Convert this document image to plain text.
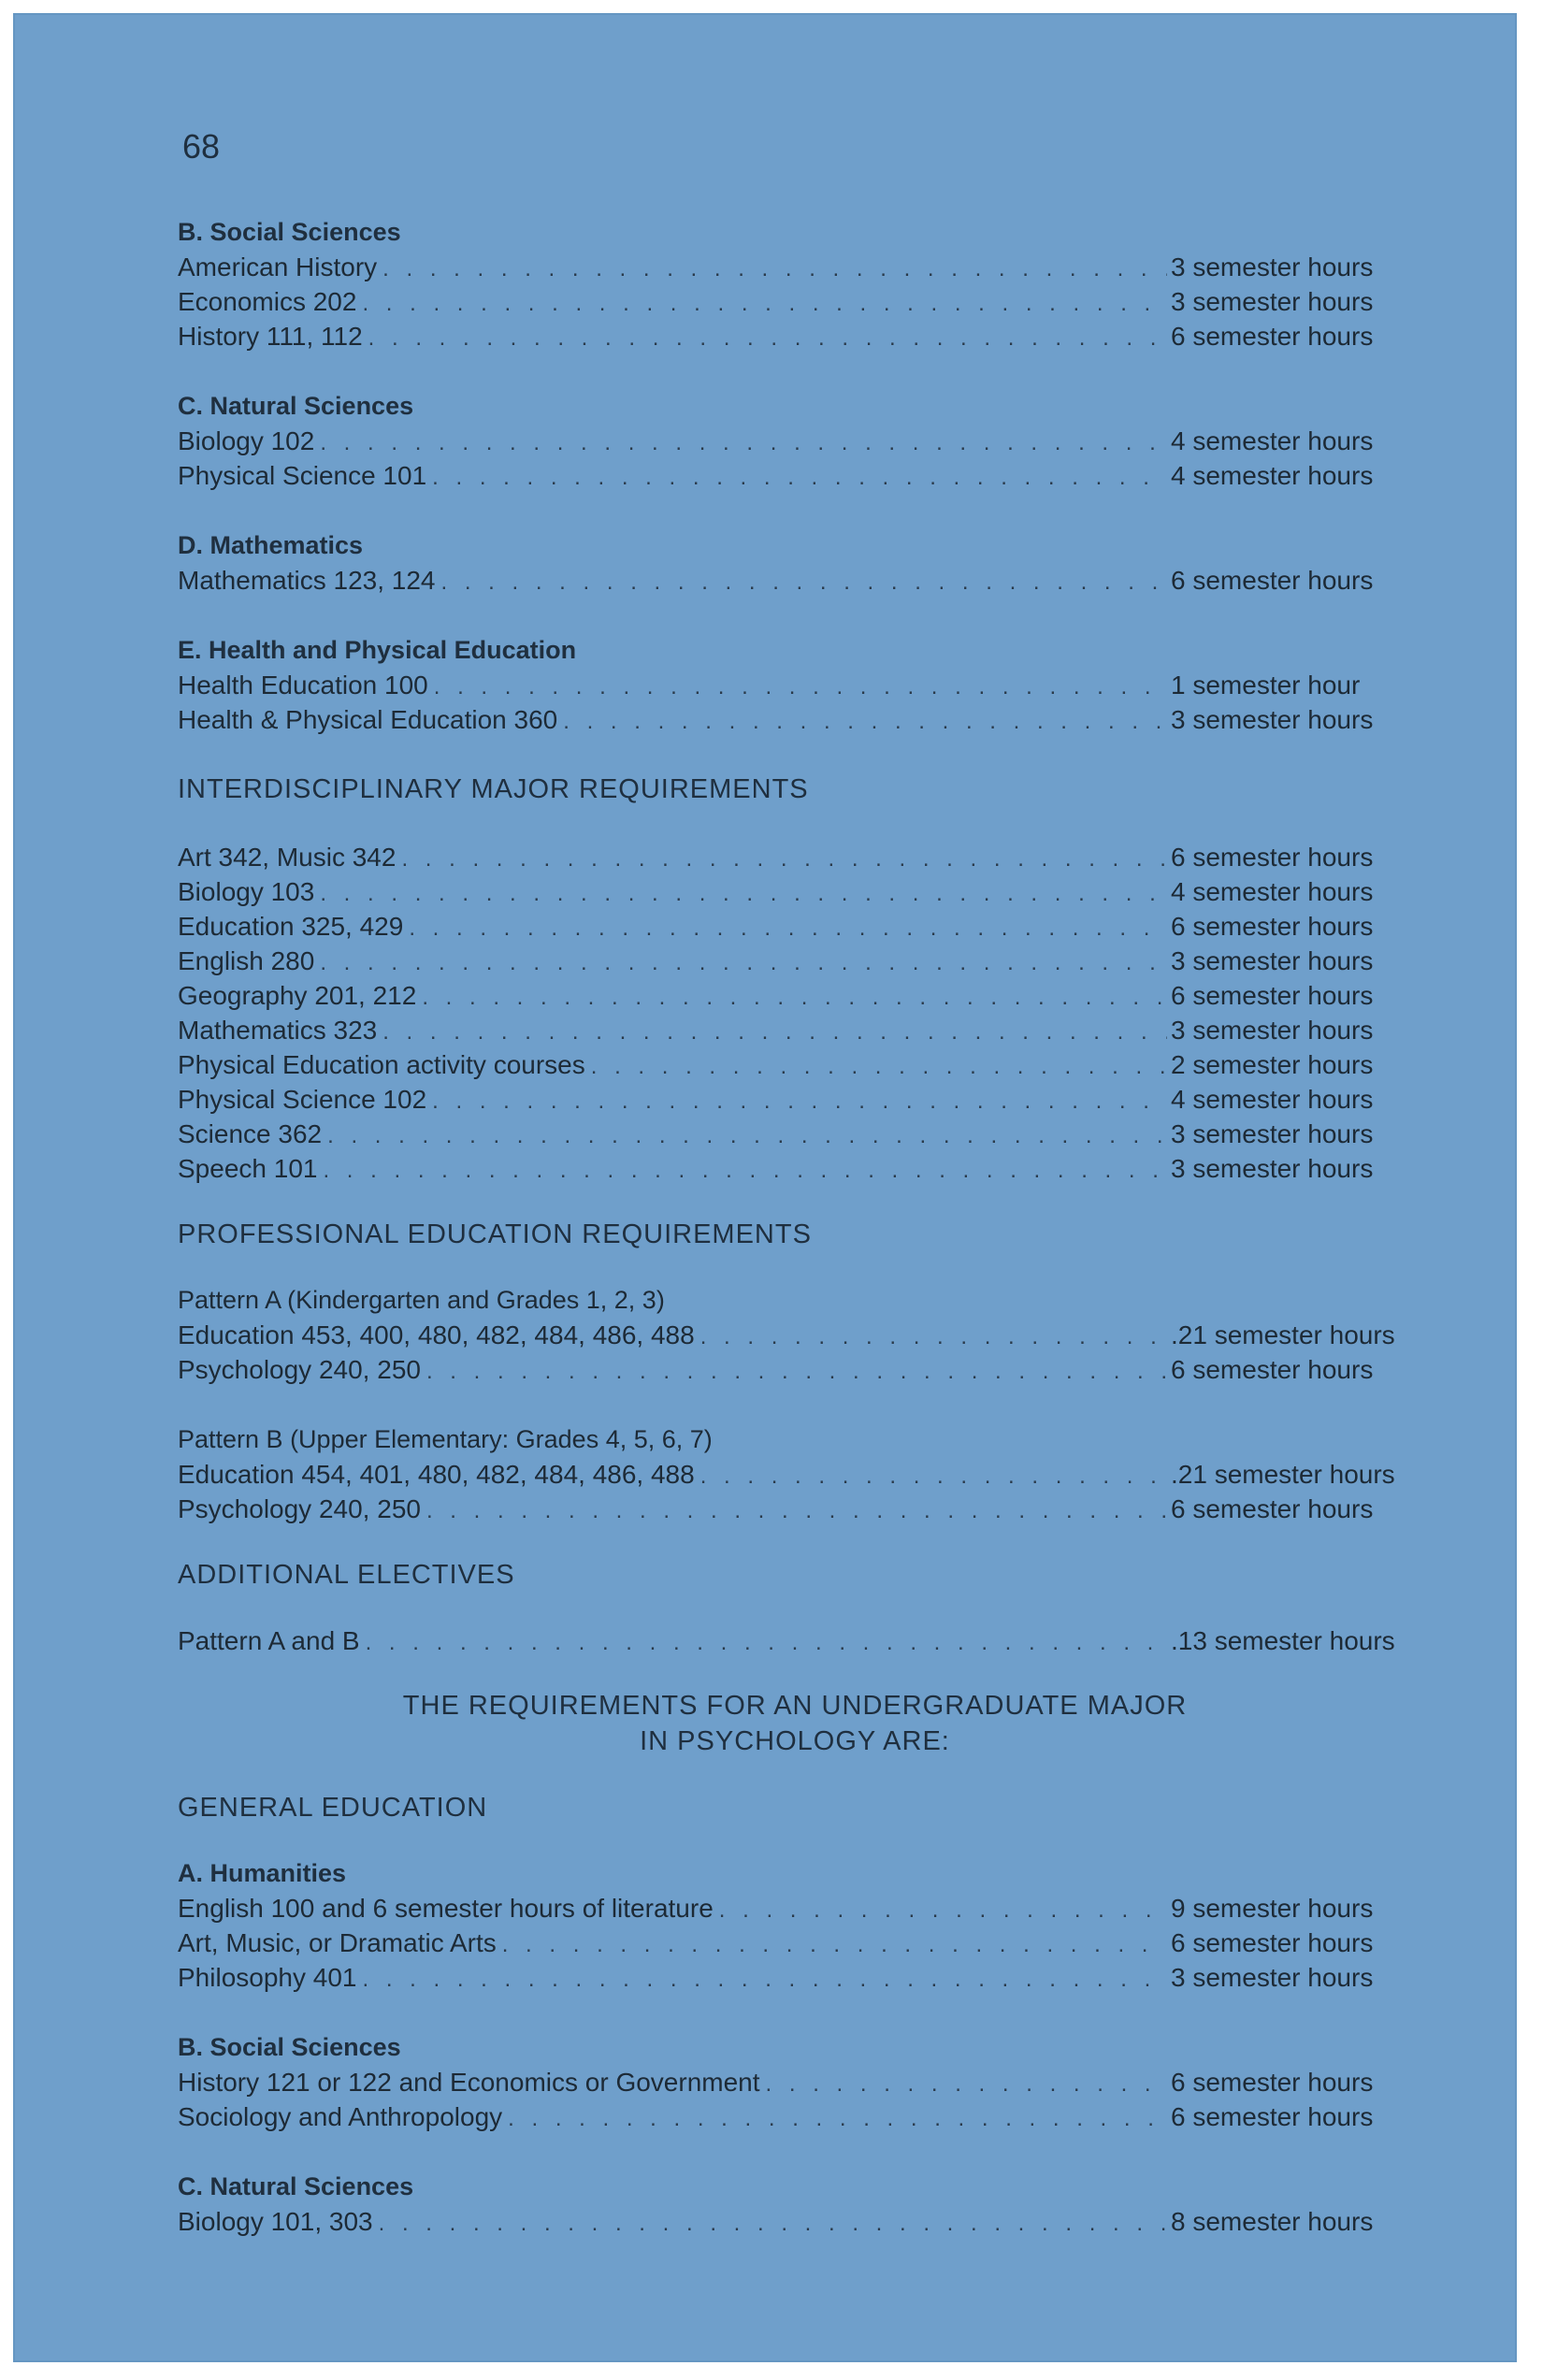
68
B. Social Sciences
American History . . .	3 semester hours
Economics 202 . . .	3 semester hours
History 111, 112 . . .	6 semester hours
C. Natural Sciences
Biology 102 . . .	4 semester hours
Physical Science 101 . . .	4 semester hours
D. Mathematics
Mathematics 123, 124 . . .	6 semester hours
E. Health and Physical Education
Health Education 100 . . .	1 semester hour
Health & Physical Education 360 . . .	3 semester hours
INTERDISCIPLINARY MAJOR REQUIREMENTS
Art 342, Music 342 . . .	6 semester hours
Biology 103 . . .	4 semester hours
Education 325, 429 . . .	6 semester hours
English 280 . . .	3 semester hours
Geography 201, 212 . . .	6 semester hours
Mathematics 323 . . .	3 semester hours
Physical Education activity courses . . .	2 semester hours
Physical Science 102 . . .	4 semester hours
Science 362 . . .	3 semester hours
Speech 101 . . .	3 semester hours
PROFESSIONAL EDUCATION REQUIREMENTS
Pattern A (Kindergarten and Grades 1, 2, 3)
Education 453, 400, 480, 482, 484, 486, 488 . . .	.21 semester hours
Psychology 240, 250 . . .	6 semester hours
Pattern B (Upper Elementary: Grades 4, 5, 6, 7)
Education 454, 401, 480, 482, 484, 486, 488 . . .	.21 semester hours
Psychology 240, 250 . . .	6 semester hours
ADDITIONAL ELECTIVES
Pattern A and B . . .	.13 semester hours
THE REQUIREMENTS FOR AN UNDERGRADUATE MAJOR
IN PSYCHOLOGY ARE:
GENERAL EDUCATION
A. Humanities
English 100 and 6 semester hours of literature . . .	9 semester hours
Art, Music, or Dramatic Arts . . .	6 semester hours
Philosophy 401 . . .	3 semester hours
B. Social Sciences
History 121 or 122 and Economics or Government . . .	6 semester hours
Sociology and Anthropology . . .	6 semester hours
C. Natural Sciences
Biology 101, 303 . . .	8 semester hours
